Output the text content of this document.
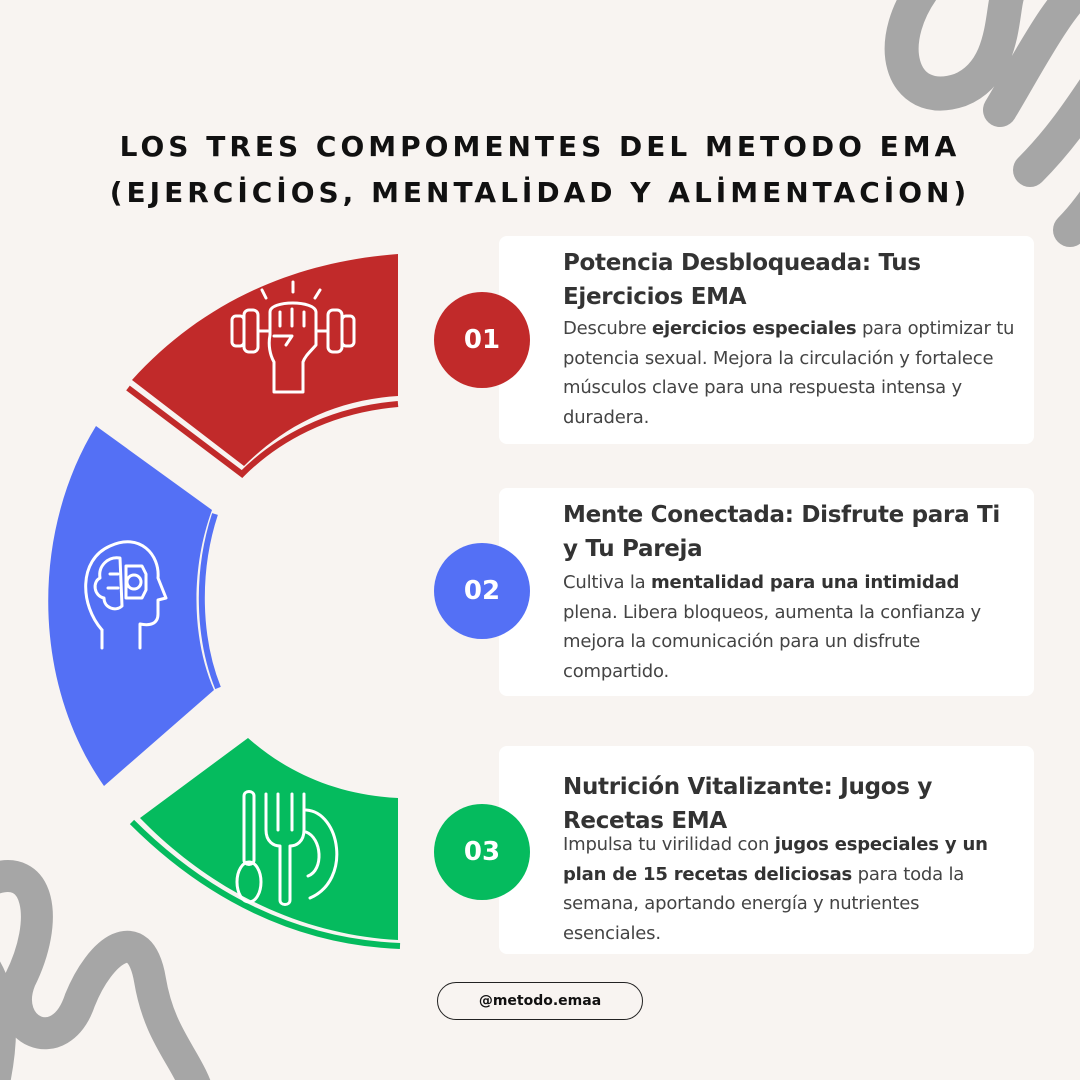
LOS TRES COMPOMENTES DEL METODO EMA
(EJERCİCİOS, MENTALİDAD Y ALİMENTACİON)
Potencia Desbloqueada: Tus Ejercicios EMA
Descubre ejercicios especiales para optimizar tu potencia sexual. Mejora la circulación y fortalece músculos clave para una respuesta intensa y duradera.
01
Mente Conectada: Disfrute para Ti y Tu Pareja
Cultiva la mentalidad para una intimidad plena. Libera bloqueos, aumenta la confianza y mejora la comunicación para un disfrute compartido.
02
Nutrición Vitalizante: Jugos y Recetas EMA
Impulsa tu virilidad con jugos especiales y un plan de 15 recetas deliciosas para toda la semana, aportando energía y nutrientes esenciales.
03
@metodo.emaa
